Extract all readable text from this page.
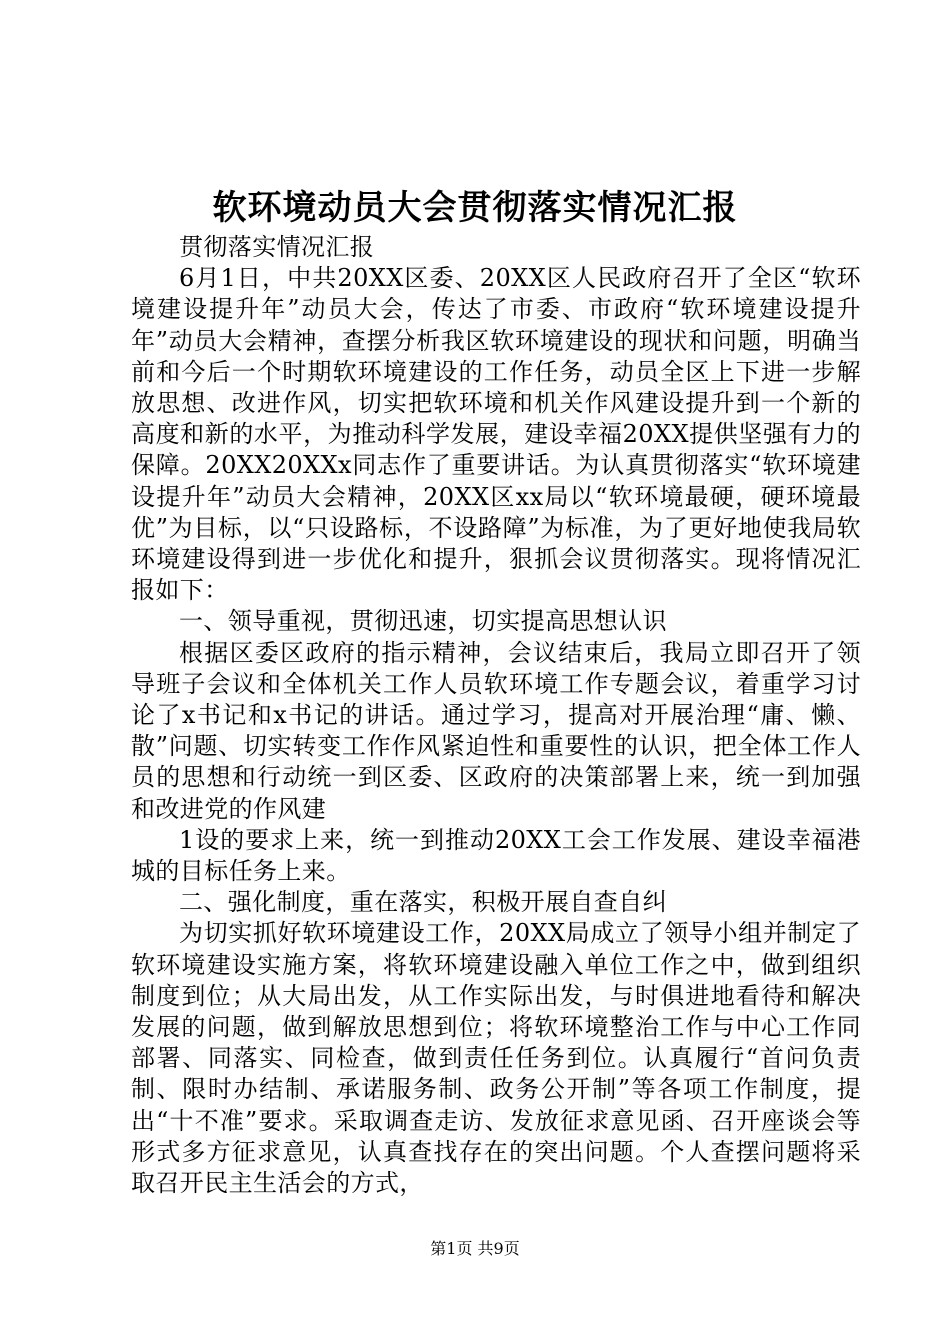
软环境动员大会贯彻落实情况汇报

贯彻落实情况汇报

6月1日，中共20XX区委、20XX区人民政府召开了全区“软环境建设提升年”动员大会，传达了市委、市政府“软环境建设提升年”动员大会精神，查摆分析我区软环境建设的现状和问题，明确当前和今后一个时期软环境建设的工作任务，动员全区上下进一步解放思想、改进作风，切实把软环境和机关作风建设提升到一个新的高度和新的水平，为推动科学发展，建设幸福20XX提供坚强有力的保障。20XX20XXx同志作了重要讲话。为认真贯彻落实“软环境建设提升年”动员大会精神，20XX区xx局以“软环境最硬，硬环境最优”为目标，以“只设路标，不设路障”为标准，为了更好地使我局软环境建设得到进一步优化和提升，狠抓会议贯彻落实。现将情况汇报如下：

一、领导重视，贯彻迅速，切实提高思想认识

根据区委区政府的指示精神，会议结束后，我局立即召开了领导班子会议和全体机关工作人员软环境工作专题会议，着重学习讨论了x书记和x书记的讲话。通过学习，提高对开展治理“庸、懒、散”问题、切实转变工作作风紧迫性和重要性的认识，把全体工作人员的思想和行动统一到区委、区政府的决策部署上来，统一到加强和改进党的作风建

1设的要求上来，统一到推动20XX工会工作发展、建设幸福港城的目标任务上来。

二、强化制度，重在落实，积极开展自查自纠

为切实抓好软环境建设工作，20XX局成立了领导小组并制定了软环境建设实施方案，将软环境建设融入单位工作之中，做到组织制度到位；从大局出发，从工作实际出发，与时俱进地看待和解决发展的问题，做到解放思想到位；将软环境整治工作与中心工作同部署、同落实、同检查，做到责任任务到位。认真履行“首问负责制、限时办结制、承诺服务制、政务公开制”等各项工作制度，提出“十不准”要求。采取调查走访、发放征求意见函、召开座谈会等形式多方征求意见，认真查找存在的突出问题。个人查摆问题将采取召开民主生活会的方式，

第1页 共9页
